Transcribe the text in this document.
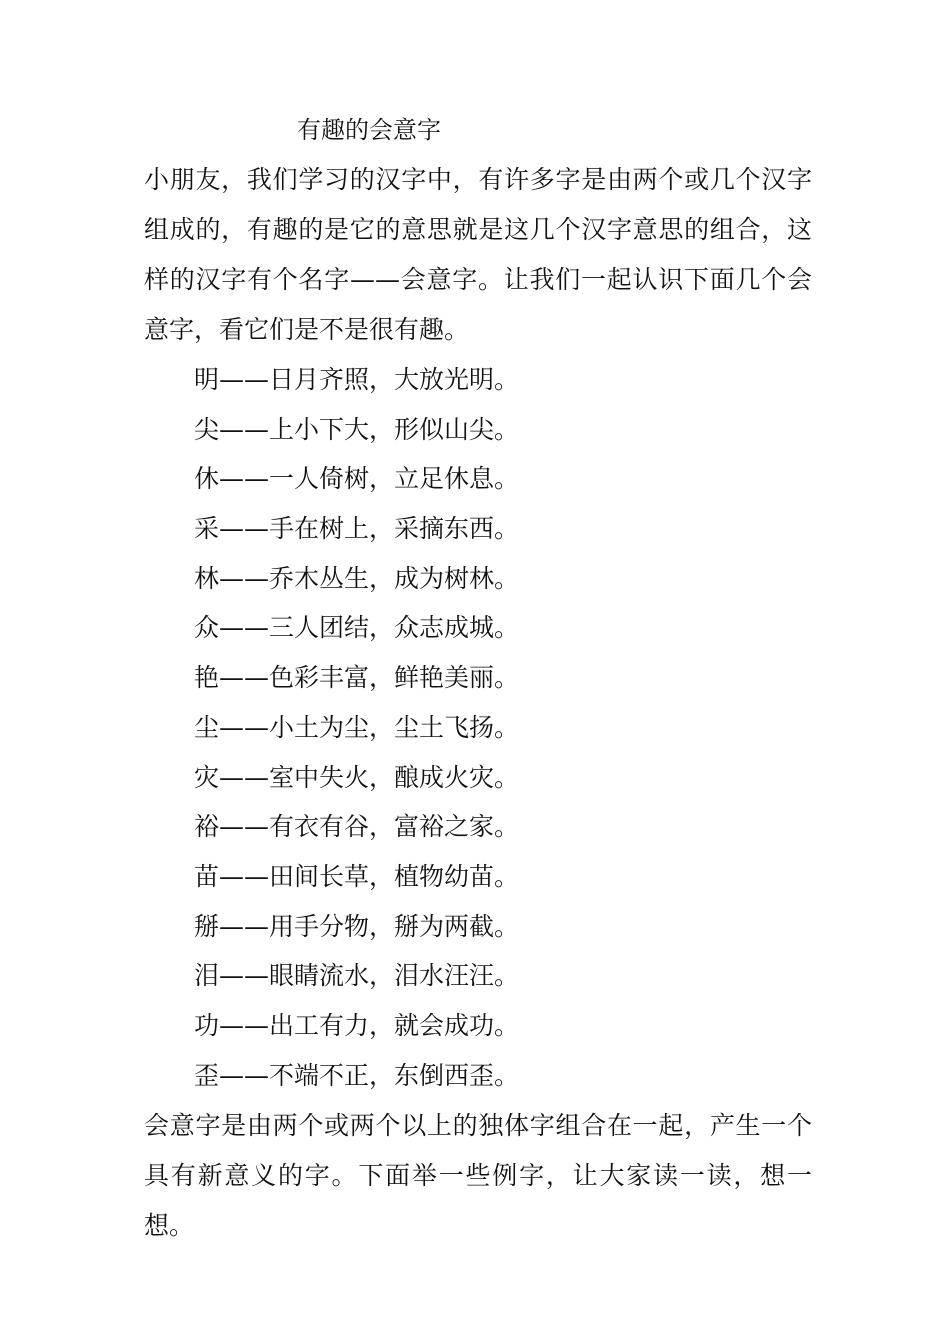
有趣的会意字
小朋友，我们学习的汉字中，有许多字是由两个或几个汉字组成的，有趣的是它的意思就是这几个汉字意思的组合，这样的汉字有个名字——会意字。让我们一起认识下面几个会意字，看它们是不是很有趣。
明——日月齐照，大放光明。
尖——上小下大，形似山尖。
休——一人倚树，立足休息。
采——手在树上，采摘东西。
林——乔木丛生，成为树林。
众——三人团结，众志成城。
艳——色彩丰富，鲜艳美丽。
尘——小土为尘，尘土飞扬。
灾——室中失火，酿成火灾。
裕——有衣有谷，富裕之家。
苗——田间长草，植物幼苗。
掰——用手分物，掰为两截。
泪——眼睛流水，泪水汪汪。
功——出工有力，就会成功。
歪——不端不正，东倒西歪。
会意字是由两个或两个以上的独体字组合在一起，产生一个具有新意义的字。下面举一些例字，让大家读一读，想一想。
